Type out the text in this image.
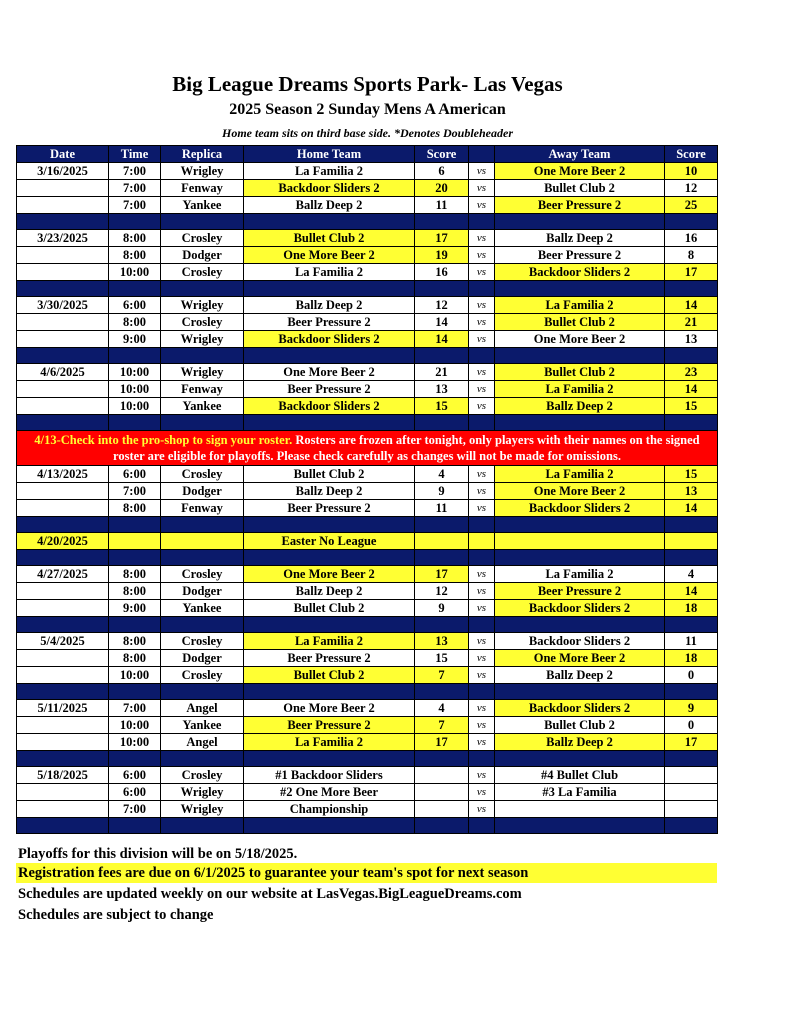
Big League Dreams Sports Park- Las Vegas
2025 Season 2 Sunday Mens A American
Home team sits on third base side. *Denotes Doubleheader
Date	Time	Replica	Home Team	Score		Away Team	Score
3/16/2025	7:00	Wrigley	La Familia 2	6	vs	One More Beer 2	10
	7:00	Fenway	Backdoor Sliders 2	20	vs	Bullet Club 2	12
	7:00	Yankee	Ballz Deep 2	11	vs	Beer Pressure 2	25

3/23/2025	8:00	Crosley	Bullet Club 2	17	vs	Ballz Deep 2	16
	8:00	Dodger	One More Beer 2	19	vs	Beer Pressure 2	8
	10:00	Crosley	La Familia 2	16	vs	Backdoor Sliders 2	17

3/30/2025	6:00	Wrigley	Ballz Deep 2	12	vs	La Familia 2	14
	8:00	Crosley	Beer Pressure 2	14	vs	Bullet Club 2	21
	9:00	Wrigley	Backdoor Sliders 2	14	vs	One More Beer 2	13

4/6/2025	10:00	Wrigley	One More Beer 2	21	vs	Bullet Club 2	23
	10:00	Fenway	Beer Pressure 2	13	vs	La Familia 2	14
	10:00	Yankee	Backdoor Sliders 2	15	vs	Ballz Deep 2	15

4/13-Check into the pro-shop to sign your roster. Rosters are frozen after tonight, only players with their names on the signed roster are eligible for playoffs. Please check carefully as changes will not be made for omissions.							
4/13/2025	6:00	Crosley	Bullet Club 2	4	vs	La Familia 2	15
	7:00	Dodger	Ballz Deep 2	9	vs	One More Beer 2	13
	8:00	Fenway	Beer Pressure 2	11	vs	Backdoor Sliders 2	14

4/20/2025			Easter No League				

4/27/2025	8:00	Crosley	One More Beer 2	17	vs	La Familia 2	4
	8:00	Dodger	Ballz Deep 2	12	vs	Beer Pressure 2	14
	9:00	Yankee	Bullet Club 2	9	vs	Backdoor Sliders 2	18

5/4/2025	8:00	Crosley	La Familia 2	13	vs	Backdoor Sliders 2	11
	8:00	Dodger	Beer Pressure 2	15	vs	One More Beer 2	18
	10:00	Crosley	Bullet Club 2	7	vs	Ballz Deep 2	0

5/11/2025	7:00	Angel	One More Beer 2	4	vs	Backdoor Sliders 2	9
	10:00	Yankee	Beer Pressure 2	7	vs	Bullet Club 2	0
	10:00	Angel	La Familia 2	17	vs	Ballz Deep 2	17

5/18/2025	6:00	Crosley	#1 Backdoor Sliders		vs	#4 Bullet Club	
	6:00	Wrigley	#2 One More Beer		vs	#3 La Familia	
	7:00	Wrigley	Championship		vs		

Playoffs for this division will be on 5/18/2025.
Registration fees are due on 6/1/2025 to guarantee your team's spot for next season
Schedules are updated weekly on our website at LasVegas.BigLeagueDreams.com
Schedules are subject to change
